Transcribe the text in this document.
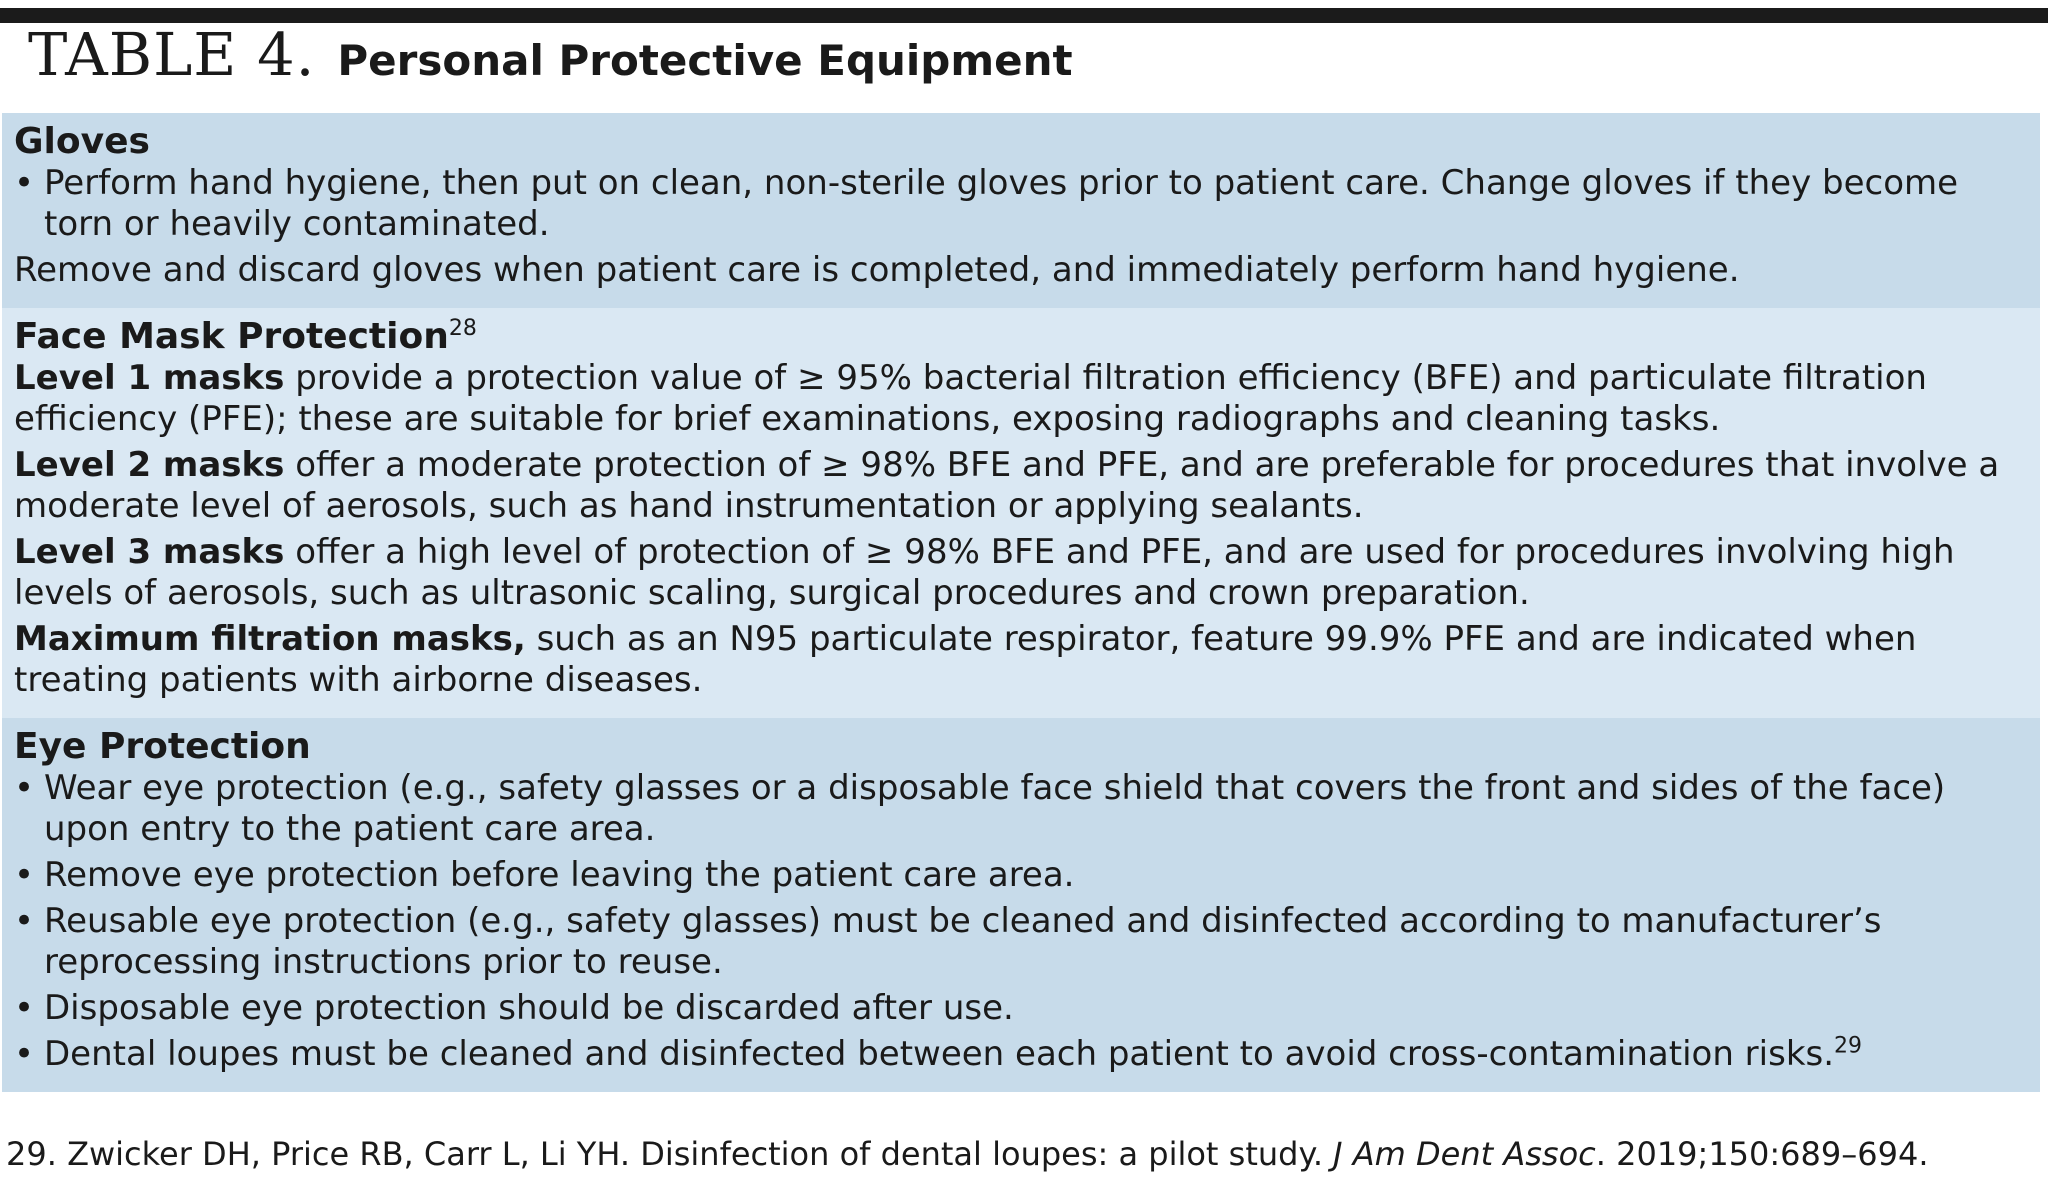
TABLE 4. Personal Protective Equipment
Gloves
• Perform hand hygiene, then put on clean, non-sterile gloves prior to patient care. Change gloves if they become torn or heavily contaminated.
Remove and discard gloves when patient care is completed, and immediately perform hand hygiene.
Face Mask Protection$^{28}$
Level 1 masks provide a protection value of ≥ 95% bacterial filtration efficiency (BFE) and particulate filtration efficiency (PFE); these are suitable for brief examinations, exposing radiographs and cleaning tasks.
Level 2 masks offer a moderate protection of ≥ 98% BFE and PFE, and are preferable for procedures that involve a moderate level of aerosols, such as hand instrumentation or applying sealants.
Level 3 masks offer a high level of protection of ≥ 98% BFE and PFE, and are used for procedures involving high levels of aerosols, such as ultrasonic scaling, surgical procedures and crown preparation.
Maximum filtration masks, such as an N95 particulate respirator, feature 99.9% PFE and are indicated when treating patients with airborne diseases.
Eye Protection
• Wear eye protection (e.g., safety glasses or a disposable face shield that covers the front and sides of the face) upon entry to the patient care area.
• Remove eye protection before leaving the patient care area.
• Reusable eye protection (e.g., safety glasses) must be cleaned and disinfected according to manufacturer’s reprocessing instructions prior to reuse.
• Disposable eye protection should be discarded after use.
• Dental loupes must be cleaned and disinfected between each patient to avoid cross-contamination risks.$^{29}$
29. Zwicker DH, Price RB, Carr L, Li YH. Disinfection of dental loupes: a pilot study. J Am Dent Assoc. 2019;150:689–694.
